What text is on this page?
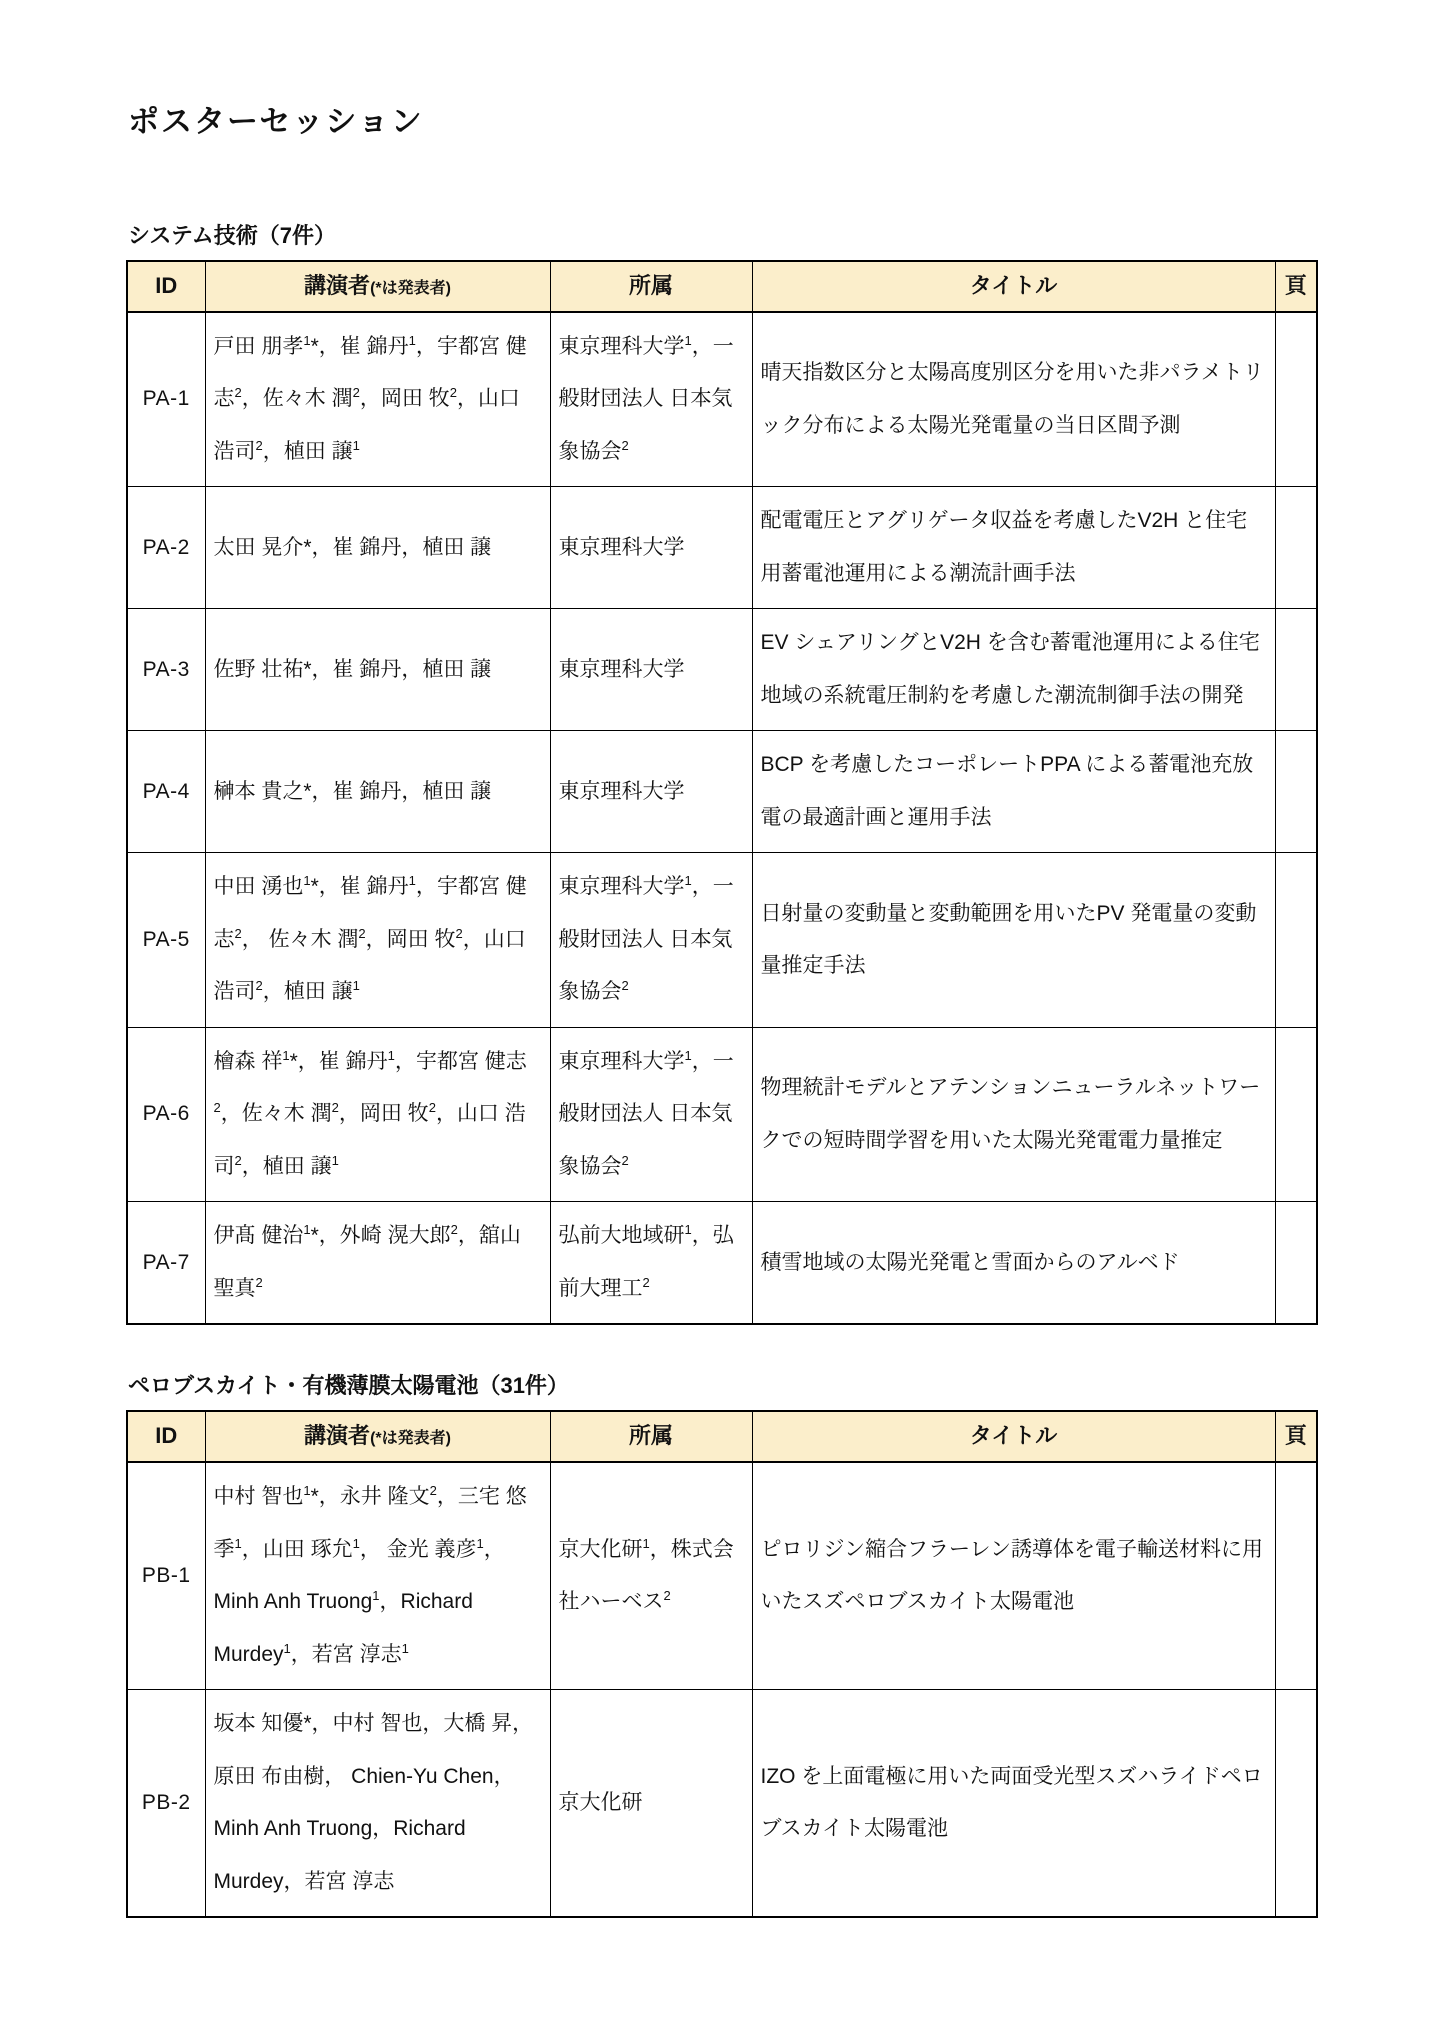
ポスターセッション
システム技術（7件）
ID	講演者(*は発表者)	所属	タイトル	頁
PA-1	戸田 朋孝$^1$*，崔 錦丹$^1$，宇都宮 健志$^2$，佐々木 潤$^2$，岡田 牧$^2$，山口 浩司$^2$，植田 譲$^1$	東京理科大学$^1$，一般財団法人 日本気象協会$^2$	晴天指数区分と太陽高度別区分を用いた非パラメトリック分布による太陽光発電量の当日区間予測	
PA-2	太田 晃介*，崔 錦丹，植田 譲	東京理科大学	配電電圧とアグリゲータ収益を考慮したV2H と住宅用蓄電池運用による潮流計画手法	
PA-3	佐野 壮祐*，崔 錦丹，植田 譲	東京理科大学	EV シェアリングとV2H を含む蓄電池運用による住宅地域の系統電圧制約を考慮した潮流制御手法の開発	
PA-4	榊本 貴之*，崔 錦丹，植田 譲	東京理科大学	BCP を考慮したコーポレートPPA による蓄電池充放電の最適計画と運用手法	
PA-5	中田 湧也$^1$*，崔 錦丹$^1$，宇都宮 健志$^2$， 佐々木 潤$^2$，岡田 牧$^2$，山口 浩司$^2$，植田 譲$^1$	東京理科大学$^1$，一般財団法人 日本気象協会$^2$	日射量の変動量と変動範囲を用いたPV 発電量の変動量推定手法	
PA-6	檜森 祥$^1$*，崔 錦丹$^1$，宇都宮 健志$^2$，佐々木 潤$^2$，岡田 牧$^2$，山口 浩司$^2$，植田 譲$^1$	東京理科大学$^1$，一般財団法人 日本気象協会$^2$	物理統計モデルとアテンションニューラルネットワークでの短時間学習を用いた太陽光発電電力量推定	
PA-7	伊髙 健治$^1$*，外崎 滉大郎$^2$，舘山 聖真$^2$	弘前大地域研$^1$，弘前大理工$^2$	積雪地域の太陽光発電と雪面からのアルベド	
ペロブスカイト・有機薄膜太陽電池（31件）
ID	講演者(*は発表者)	所属	タイトル	頁
PB-1	中村 智也$^1$*，永井 隆文$^2$，三宅 悠季$^1$，山田 琢允$^1$， 金光 義彦$^1$，Minh Anh Truong$^1$，Richard Murdey$^1$，若宮 淳志$^1$	京大化研$^1$，株式会社ハーベス$^2$	ピロリジン縮合フラーレン誘導体を電子輸送材料に用いたスズペロブスカイト太陽電池	
PB-2	坂本 知優*，中村 智也，大橋 昇，原田 布由樹， Chien-Yu Chen，Minh Anh Truong，Richard Murdey，若宮 淳志	京大化研	IZO を上面電極に用いた両面受光型スズハライドペロブスカイト太陽電池	
